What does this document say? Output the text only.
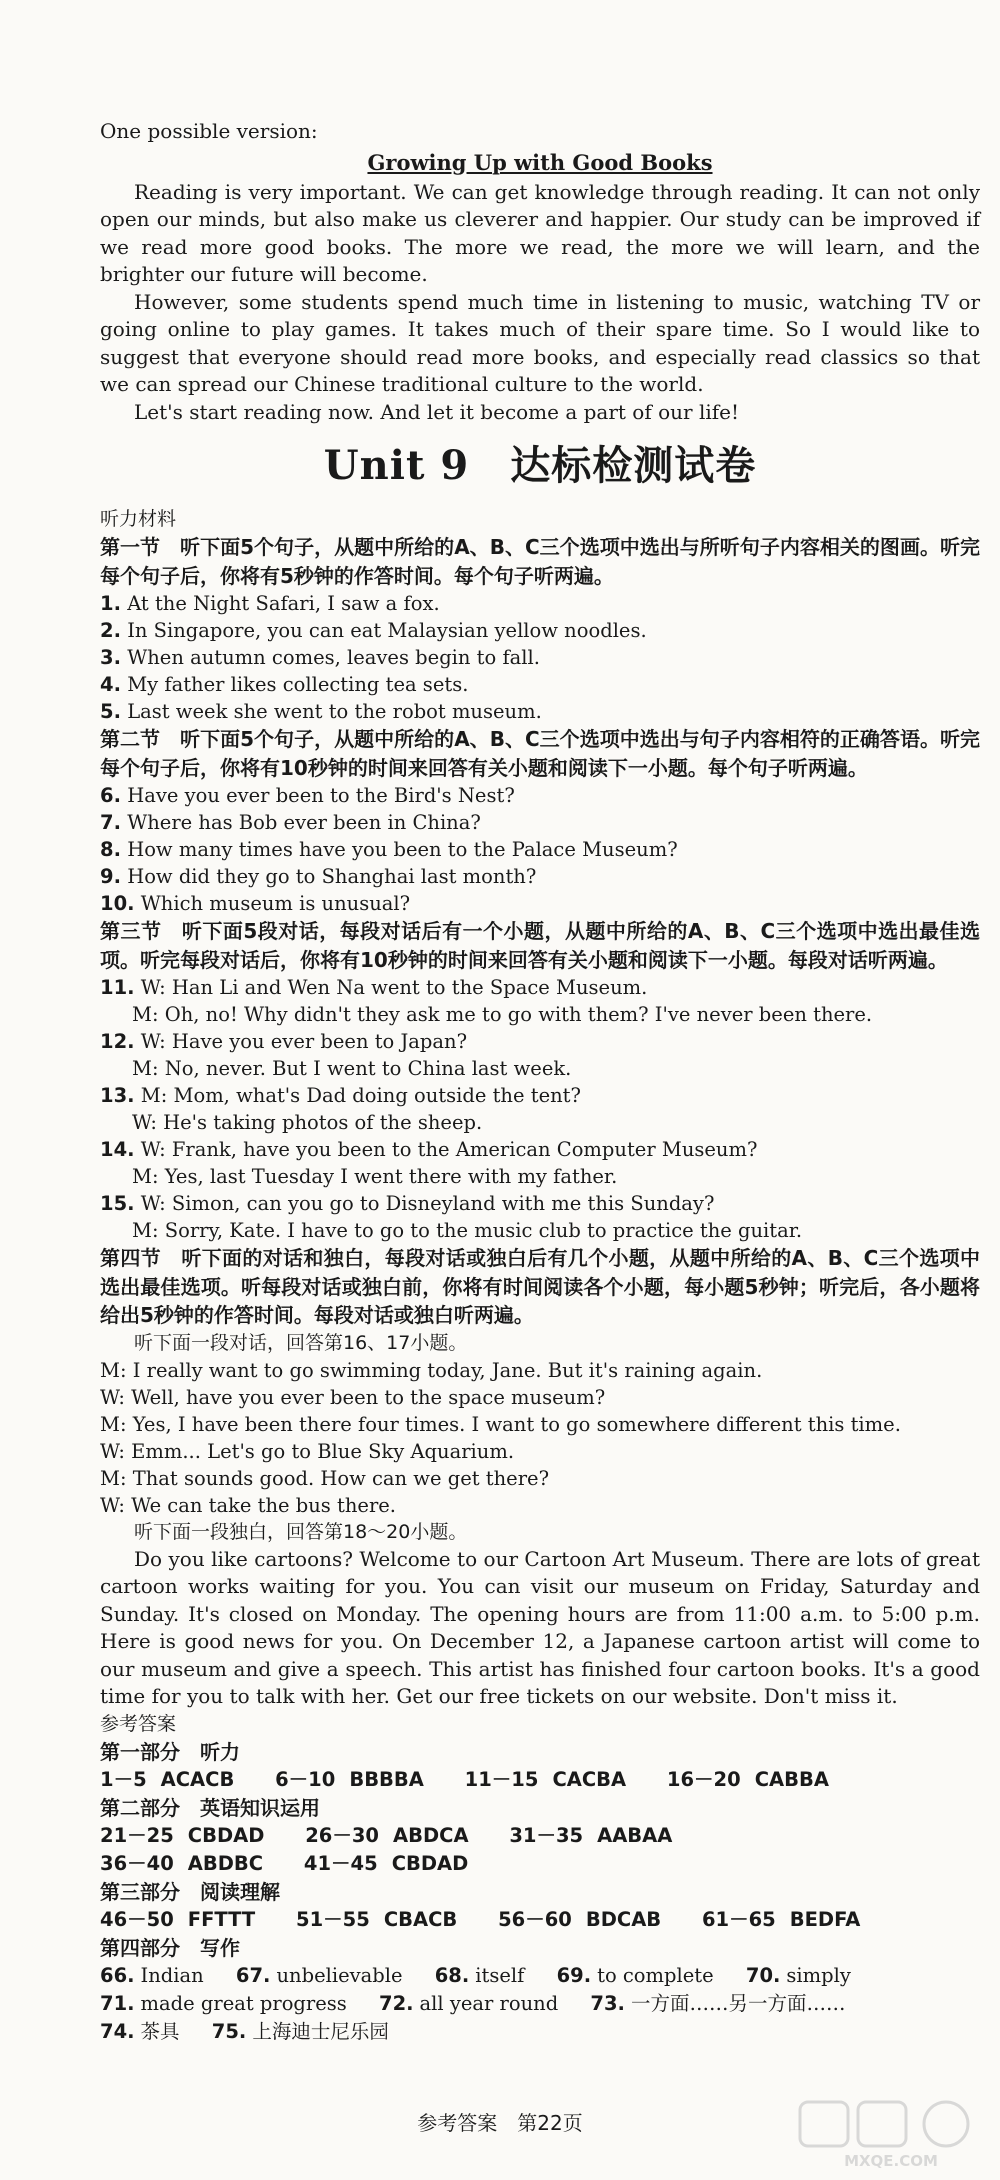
One possible version:

Growing Up with Good Books

Reading is very important. We can get knowledge through reading. It can not only open our minds, but also make us cleverer and happier. Our study can be improved if we read more good books. The more we read, the more we will learn, and the brighter our future will become.

However, some students spend much time in listening to music, watching TV or going online to play games. It takes much of their spare time. So I would like to suggest that everyone should read more books, and especially read classics so that we can spread our Chinese traditional culture to the world.

Let's start reading now. And let it become a part of our life!

Unit 9　达标检测试卷

听力材料

第一节　听下面5个句子，从题中所给的A、B、C三个选项中选出与所听句子内容相关的图画。听完每个句子后，你将有5秒钟的作答时间。每个句子听两遍。

1. At the Night Safari, I saw a fox.

2. In Singapore, you can eat Malaysian yellow noodles.

3. When autumn comes, leaves begin to fall.

4. My father likes collecting tea sets.

5. Last week she went to the robot museum.

第二节　听下面5个句子，从题中所给的A、B、C三个选项中选出与句子内容相符的正确答语。听完每个句子后，你将有10秒钟的时间来回答有关小题和阅读下一小题。每个句子听两遍。

6. Have you ever been to the Bird's Nest?

7. Where has Bob ever been in China?

8. How many times have you been to the Palace Museum?

9. How did they go to Shanghai last month?

10. Which museum is unusual?

第三节　听下面5段对话，每段对话后有一个小题，从题中所给的A、B、C三个选项中选出最佳选项。听完每段对话后，你将有10秒钟的时间来回答有关小题和阅读下一小题。每段对话听两遍。

11. W: Han Li and Wen Na went to the Space Museum.

M: Oh, no! Why didn't they ask me to go with them? I've never been there.

12. W: Have you ever been to Japan?

M: No, never. But I went to China last week.

13. M: Mom, what's Dad doing outside the tent?

W: He's taking photos of the sheep.

14. W: Frank, have you been to the American Computer Museum?

M: Yes, last Tuesday I went there with my father.

15. W: Simon, can you go to Disneyland with me this Sunday?

M: Sorry, Kate. I have to go to the music club to practice the guitar.

第四节　听下面的对话和独白，每段对话或独白后有几个小题，从题中所给的A、B、C三个选项中选出最佳选项。听每段对话或独白前，你将有时间阅读各个小题，每小题5秒钟；听完后，各小题将给出5秒钟的作答时间。每段对话或独白听两遍。

听下面一段对话，回答第16、17小题。

M: I really want to go swimming today, Jane. But it's raining again.

W: Well, have you ever been to the space museum?

M: Yes, I have been there four times. I want to go somewhere different this time.

W: Emm... Let's go to Blue Sky Aquarium.

M: That sounds good. How can we get there?

W: We can take the bus there.

听下面一段独白，回答第18～20小题。

Do you like cartoons? Welcome to our Cartoon Art Museum. There are lots of great cartoon works waiting for you. You can visit our museum on Friday, Saturday and Sunday. It's closed on Monday. The opening hours are from 11:00 a.m. to 5:00 p.m. Here is good news for you. On December 12, a Japanese cartoon artist will come to our museum and give a speech. This artist has finished four cartoon books. It's a good time for you to talk with her. Get our free tickets on our website. Don't miss it.

参考答案

第一部分　听力

1－5 ACACB 6－10 BBBBA 11－15 CACBA 16－20 CABBA

第二部分　英语知识运用

21－25 CBDAD 26－30 ABDCA 31－35 AABAA

36－40 ABDBC 41－45 CBDAD

第三部分　阅读理解

46－50 FFTTT 51－55 CBACB 56－60 BDCAB 61－65 BEDFA

第四部分　写作

66. Indian 67. unbelievable 68. itself 69. to complete 70. simply

71. made great progress 72. all year round 73. 一方面……另一方面……

74. 茶具 75. 上海迪士尼乐园

参考答案　第22页
MXQE.COM
